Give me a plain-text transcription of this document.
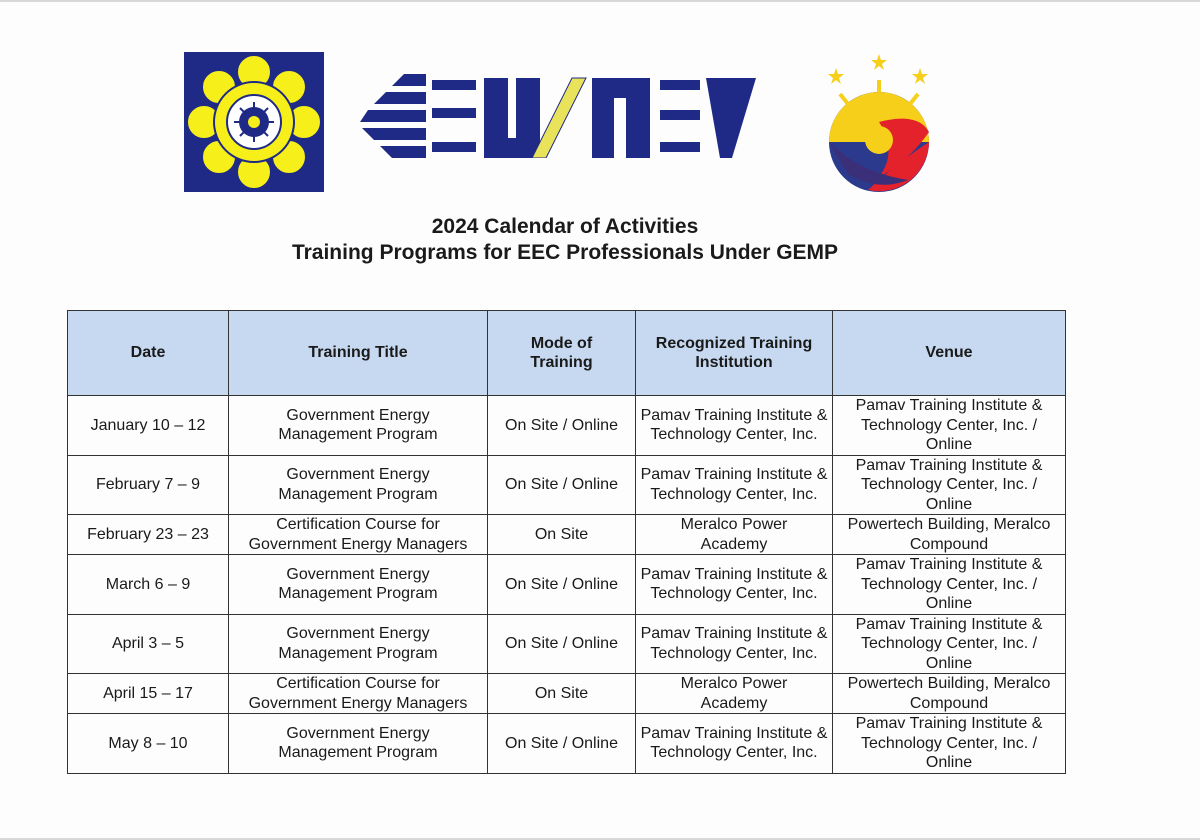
2024 Calendar of Activities
Training Programs for EEC Professionals Under GEMP
Date	Training Title	Mode of Training	Recognized Training Institution	Venue
January 10 – 12	Government Energy Management Program	On Site / Online	Pamav Training Institute & Technology Center, Inc.	Pamav Training Institute & Technology Center, Inc. / Online
February 7 – 9	Government Energy Management Program	On Site / Online	Pamav Training Institute & Technology Center, Inc.	Pamav Training Institute & Technology Center, Inc. / Online
February 23 – 23	Certification Course for Government Energy Managers	On Site	Meralco Power Academy	Powertech Building, Meralco Compound
March 6 – 9	Government Energy Management Program	On Site / Online	Pamav Training Institute & Technology Center, Inc.	Pamav Training Institute & Technology Center, Inc. / Online
April 3 – 5	Government Energy Management Program	On Site / Online	Pamav Training Institute & Technology Center, Inc.	Pamav Training Institute & Technology Center, Inc. / Online
April 15 – 17	Certification Course for Government Energy Managers	On Site	Meralco Power Academy	Powertech Building, Meralco Compound
May 8 – 10	Government Energy Management Program	On Site / Online	Pamav Training Institute & Technology Center, Inc.	Pamav Training Institute & Technology Center, Inc. / Online
